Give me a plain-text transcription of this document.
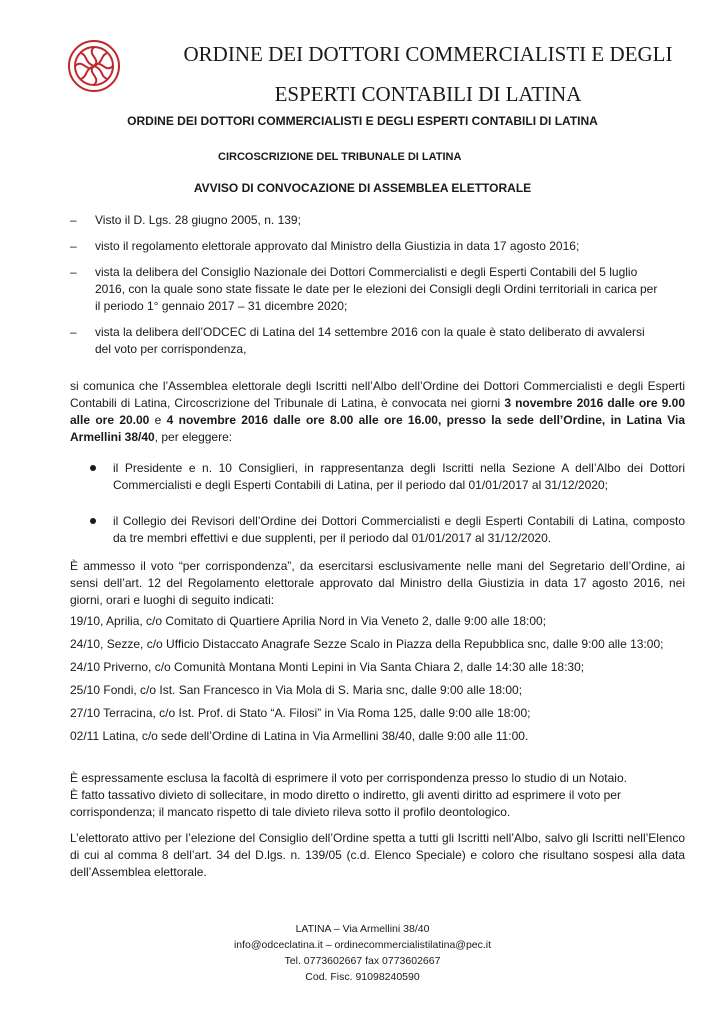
ORDINE DEI DOTTORI COMMERCIALISTI E DEGLI
ESPERTI CONTABILI DI LATINA
ORDINE DEI DOTTORI COMMERCIALISTI E DEGLI ESPERTI CONTABILI DI LATINA
CIRCOSCRIZIONE DEL TRIBUNALE DI LATINA
AVVISO DI CONVOCAZIONE DI ASSEMBLEA ELETTORALE
– Visto il D. Lgs. 28 giugno 2005, n. 139;
– visto il regolamento elettorale approvato dal Ministro della Giustizia in data 17 agosto 2016;
– vista la delibera del Consiglio Nazionale dei Dottori Commercialisti e degli Esperti Contabili del 5 luglio 2016, con la quale sono state fissate le date per le elezioni dei Consigli degli Ordini territoriali in carica per il periodo 1° gennaio 2017 – 31 dicembre 2020;
– vista la delibera dell’ODCEC di Latina del 14 settembre 2016 con la quale è stato deliberato di avvalersi del voto per corrispondenza,
si comunica che l’Assemblea elettorale degli Iscritti nell’Albo dell’Ordine dei Dottori Commercialisti e degli Esperti Contabili di Latina, Circoscrizione del Tribunale di Latina, è convocata nei giorni 3 novembre 2016 dalle ore 9.00 alle ore 20.00 e 4 novembre 2016 dalle ore 8.00 alle ore 16.00, presso la sede dell’Ordine, in Latina Via Armellini 38/40, per eleggere:
il Presidente e n. 10 Consiglieri, in rappresentanza degli Iscritti nella Sezione A dell’Albo dei Dottori Commercialisti e degli Esperti Contabili di Latina, per il periodo dal 01/01/2017 al 31/12/2020;
il Collegio dei Revisori dell’Ordine dei Dottori Commercialisti e degli Esperti Contabili di Latina, composto da tre membri effettivi e due supplenti, per il periodo dal 01/01/2017 al 31/12/2020.
È ammesso il voto “per corrispondenza”, da esercitarsi esclusivamente nelle mani del Segretario dell’Ordine, ai sensi dell’art. 12 del Regolamento elettorale approvato dal Ministro della Giustizia in data 17 agosto 2016, nei giorni, orari e luoghi di seguito indicati:
19/10, Aprilia, c/o Comitato di Quartiere Aprilia Nord in Via Veneto 2, dalle 9:00 alle 18:00;
24/10, Sezze, c/o Ufficio Distaccato Anagrafe Sezze Scalo in Piazza della Repubblica snc, dalle 9:00 alle 13:00;
24/10 Priverno, c/o Comunità Montana Monti Lepini in Via Santa Chiara 2, dalle 14:30 alle 18:30;
25/10 Fondi, c/o Ist. San Francesco in Via Mola di S. Maria snc, dalle 9:00 alle 18:00;
27/10 Terracina, c/o Ist. Prof. di Stato “A. Filosi” in Via Roma 125, dalle 9:00 alle 18:00;
02/11 Latina, c/o sede dell’Ordine di Latina in Via Armellini 38/40, dalle 9:00 alle 11:00.
È espressamente esclusa la facoltà di esprimere il voto per corrispondenza presso lo studio di un Notaio.
È fatto tassativo divieto di sollecitare, in modo diretto o indiretto, gli aventi diritto ad esprimere il voto per corrispondenza; il mancato rispetto di tale divieto rileva sotto il profilo deontologico.
L’elettorato attivo per l’elezione del Consiglio dell’Ordine spetta a tutti gli Iscritti nell’Albo, salvo gli Iscritti nell’Elenco di cui al comma 8 dell’art. 34 del D.lgs. n. 139/05 (c.d. Elenco Speciale) e coloro che risultano sospesi alla data dell’Assemblea elettorale.
LATINA – Via Armellini 38/40
info@odceclatina.it – ordinecommercialistilatina@pec.it
Tel. 0773602667 fax 0773602667
Cod. Fisc. 91098240590
